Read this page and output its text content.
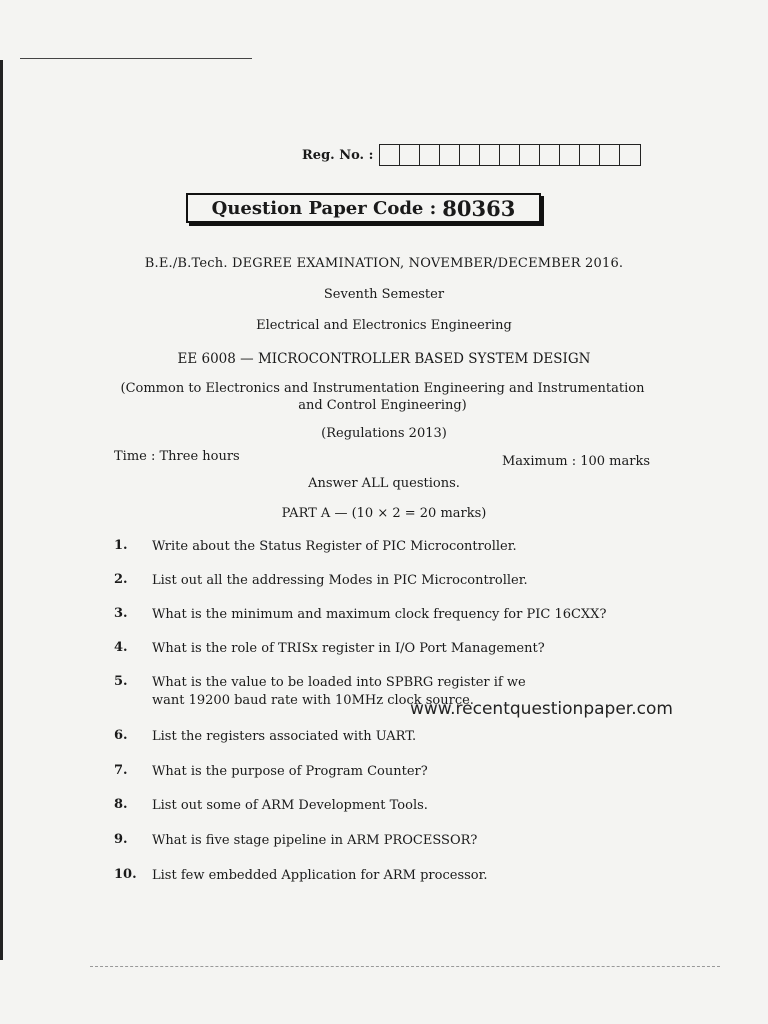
Reg. No. :
Question Paper Code : 80363
B.E./B.Tech. DEGREE EXAMINATION, NOVEMBER/DECEMBER 2016.
Seventh Semester
Electrical and Electronics Engineering
EE 6008 — MICROCONTROLLER BASED SYSTEM DESIGN
(Common to Electronics and Instrumentation Engineering and Instrumentation and Control Engineering)
(Regulations 2013)
Time : Three hours	Maximum : 100 marks
Answer ALL questions.
PART A — (10 × 2 = 20 marks)
1.	Write about the Status Register of PIC Microcontroller.
2.	List out all the addressing Modes in PIC Microcontroller.
3.	What is the minimum and maximum clock frequency for PIC 16CXX?
4.	What is the role of TRISx register in I/O Port Management?
5.	What is the value to be loaded into SPBRG register if we want 19200 baud rate with 10MHz clock source.
6.	List the registers associated with UART.
7.	What is the purpose of Program Counter?
8.	List out some of ARM Development Tools.
9.	What is five stage pipeline in ARM PROCESSOR?
10.	List few embedded Application for ARM processor.
www.recentquestionpaper.com
